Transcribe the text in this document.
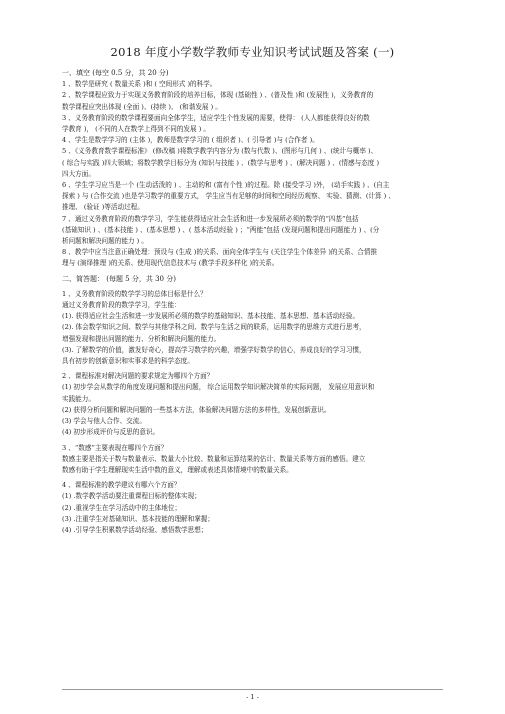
2018 年度小学数学教师专业知识考试试题及答案 (一)
一、填空 (每空 0.5 分，共 20 分)
1 、数学是研究 ( 数量关系 )和 ( 空间形式 )的科学。
2 、数学课程应致力于实现义务教育阶段的培养目标，体现 (基础性 ) 、(普及性 )和 (发展性 )，义务教育的
数学课程应突出体现 (全面 )、(持续 )、 (和谐发展 ) 。
3 、义务教育阶段的数学课程要面向全体学生，适应学生个性发展的需要，使得： (人人都能获得良好的数
学教育 )， (不同的人在数学上得到不同的发展 ) 。
4 、学生是数学学习的 (主体 )，教师是数学学习的 ( 组织者 )、( 引导者 )与 (合作者 )。
5 、《义务教育数学课程标准》 (修改稿 )将数学教学内容分为 (数与代数 )、(图形与几何 ) 、(统计与概率 )、
( 综合与实践 )四大领域；将数学教学目标分为 (知识与技能 ) 、(数学与思考 ) 、(解决问题 ) 、(情感与态度 )
四大方面。
6 、学生学习应当是一个 (生动活泼的 ) 、主动的和 (富有个性 )的过程。除 (接受学习 )外， (动手实践 ) 、(自主
探索 ) 与 (合作交流 )也是学习数学的重要方式， 学生应当有足够的时间和空间经历观察、 实验、猜测、(计算 ) 、
推理、 (验证 )等活动过程。
7 、通过义务教育阶段的数学学习，学生能获得适应社会生活和进一步发展所必须的数学的“四基”包括
(基础知识 ) 、(基本技能 ) 、(基本思想 ) 、( 基本活动经验 ) ；“两能”包括 (发现问题和提出问题能力 ) 、(分
析问题和解决问题的能力 ) 。
8 、教学中应当注意正确处理：预设与 (生成 )的关系、面向全体学生与 (关注学生个体差异 )的关系、合情推
理与 (演绎推理 )的关系、使用现代信息技术与 (教学手段多样化 )的关系。
二、简答题： (每题 5 分，共 30 分)
1 、义务教育阶段的数学学习的总体目标是什么？
通过义务教育阶段的数学学习，学生能：
(1). 获得适应社会生活和进一步发展所必须的数学的基础知识、基本技能、基本思想、基本活动经验。
(2). 体会数学知识之间、数学与其他学科之间、数学与生活之间的联系，运用数学的思维方式进行思考，
增强发现和提出问题的能力、分析和解决问题的能力。
(3). 了解数学的价值，激发好奇心，提高学习数学的兴趣，增强学好数学的信心，养成良好的学习习惯，
具有初步的创新意识和实事求是的科学态度。
2 、课程标准对解决问题的要求规定为哪四个方面？
(1) 初步学会从数学的角度发现问题和提出问题， 综合运用数学知识解决简单的实际问题， 发展应用意识和
实践能力。
(2) 获得分析问题和解决问题的一些基本方法，体验解决问题方法的多样性，发展创新意识。
(3) 学会与他人合作、交流。
(4) 初步形成评价与反思的意识。
3 、“数感”主要表现在哪四个方面？
数感主要是指关于数与数量表示、数量大小比较、数量和运算结果的估计、数量关系等方面的感悟。建立
数感有助于学生理解现实生活中数的意义，理解或表述具体情境中的数量关系。
4 、课程标准的教学建议有哪六个方面？
(1) .数学教学活动要注重课程目标的整体实现；
(2) .重视学生在学习活动中的主体地位；
(3) .注重学生对基础知识、基本技能的理解和掌握；
(4) .引导学生积累数学活动经验、感悟数学思想；
- 1 -
